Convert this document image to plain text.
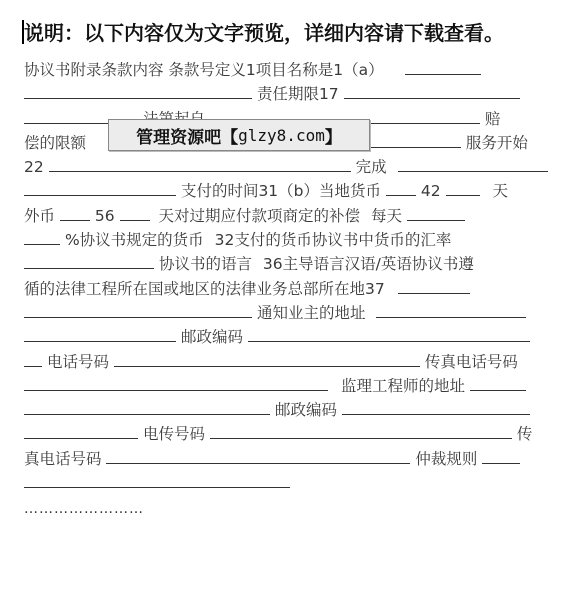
说明：以下内容仅为文字预览，详细内容请下载查看。
协议书附录条款内容 条款号定义1项目名称是1（a）
责任期限17
赔
偿的限额	服务开始
22	完成
支付的时间31（b）当地货币	42	天
外币	56	天对过期应付款项商定的补偿 每天
%协议书规定的货币 32支付的货币协议书中货币的汇率
协议书的语言 36主导语言汉语/英语协议书遵
循的法律工程所在国或地区的法律业务总部所在地37
通知业主的地址
邮政编码
电话号码	传真电话号码
监理工程师的地址
邮政编码
电传号码	传
真电话号码	仲裁规则
……………………
管理资源吧【 glzy8.com 】
